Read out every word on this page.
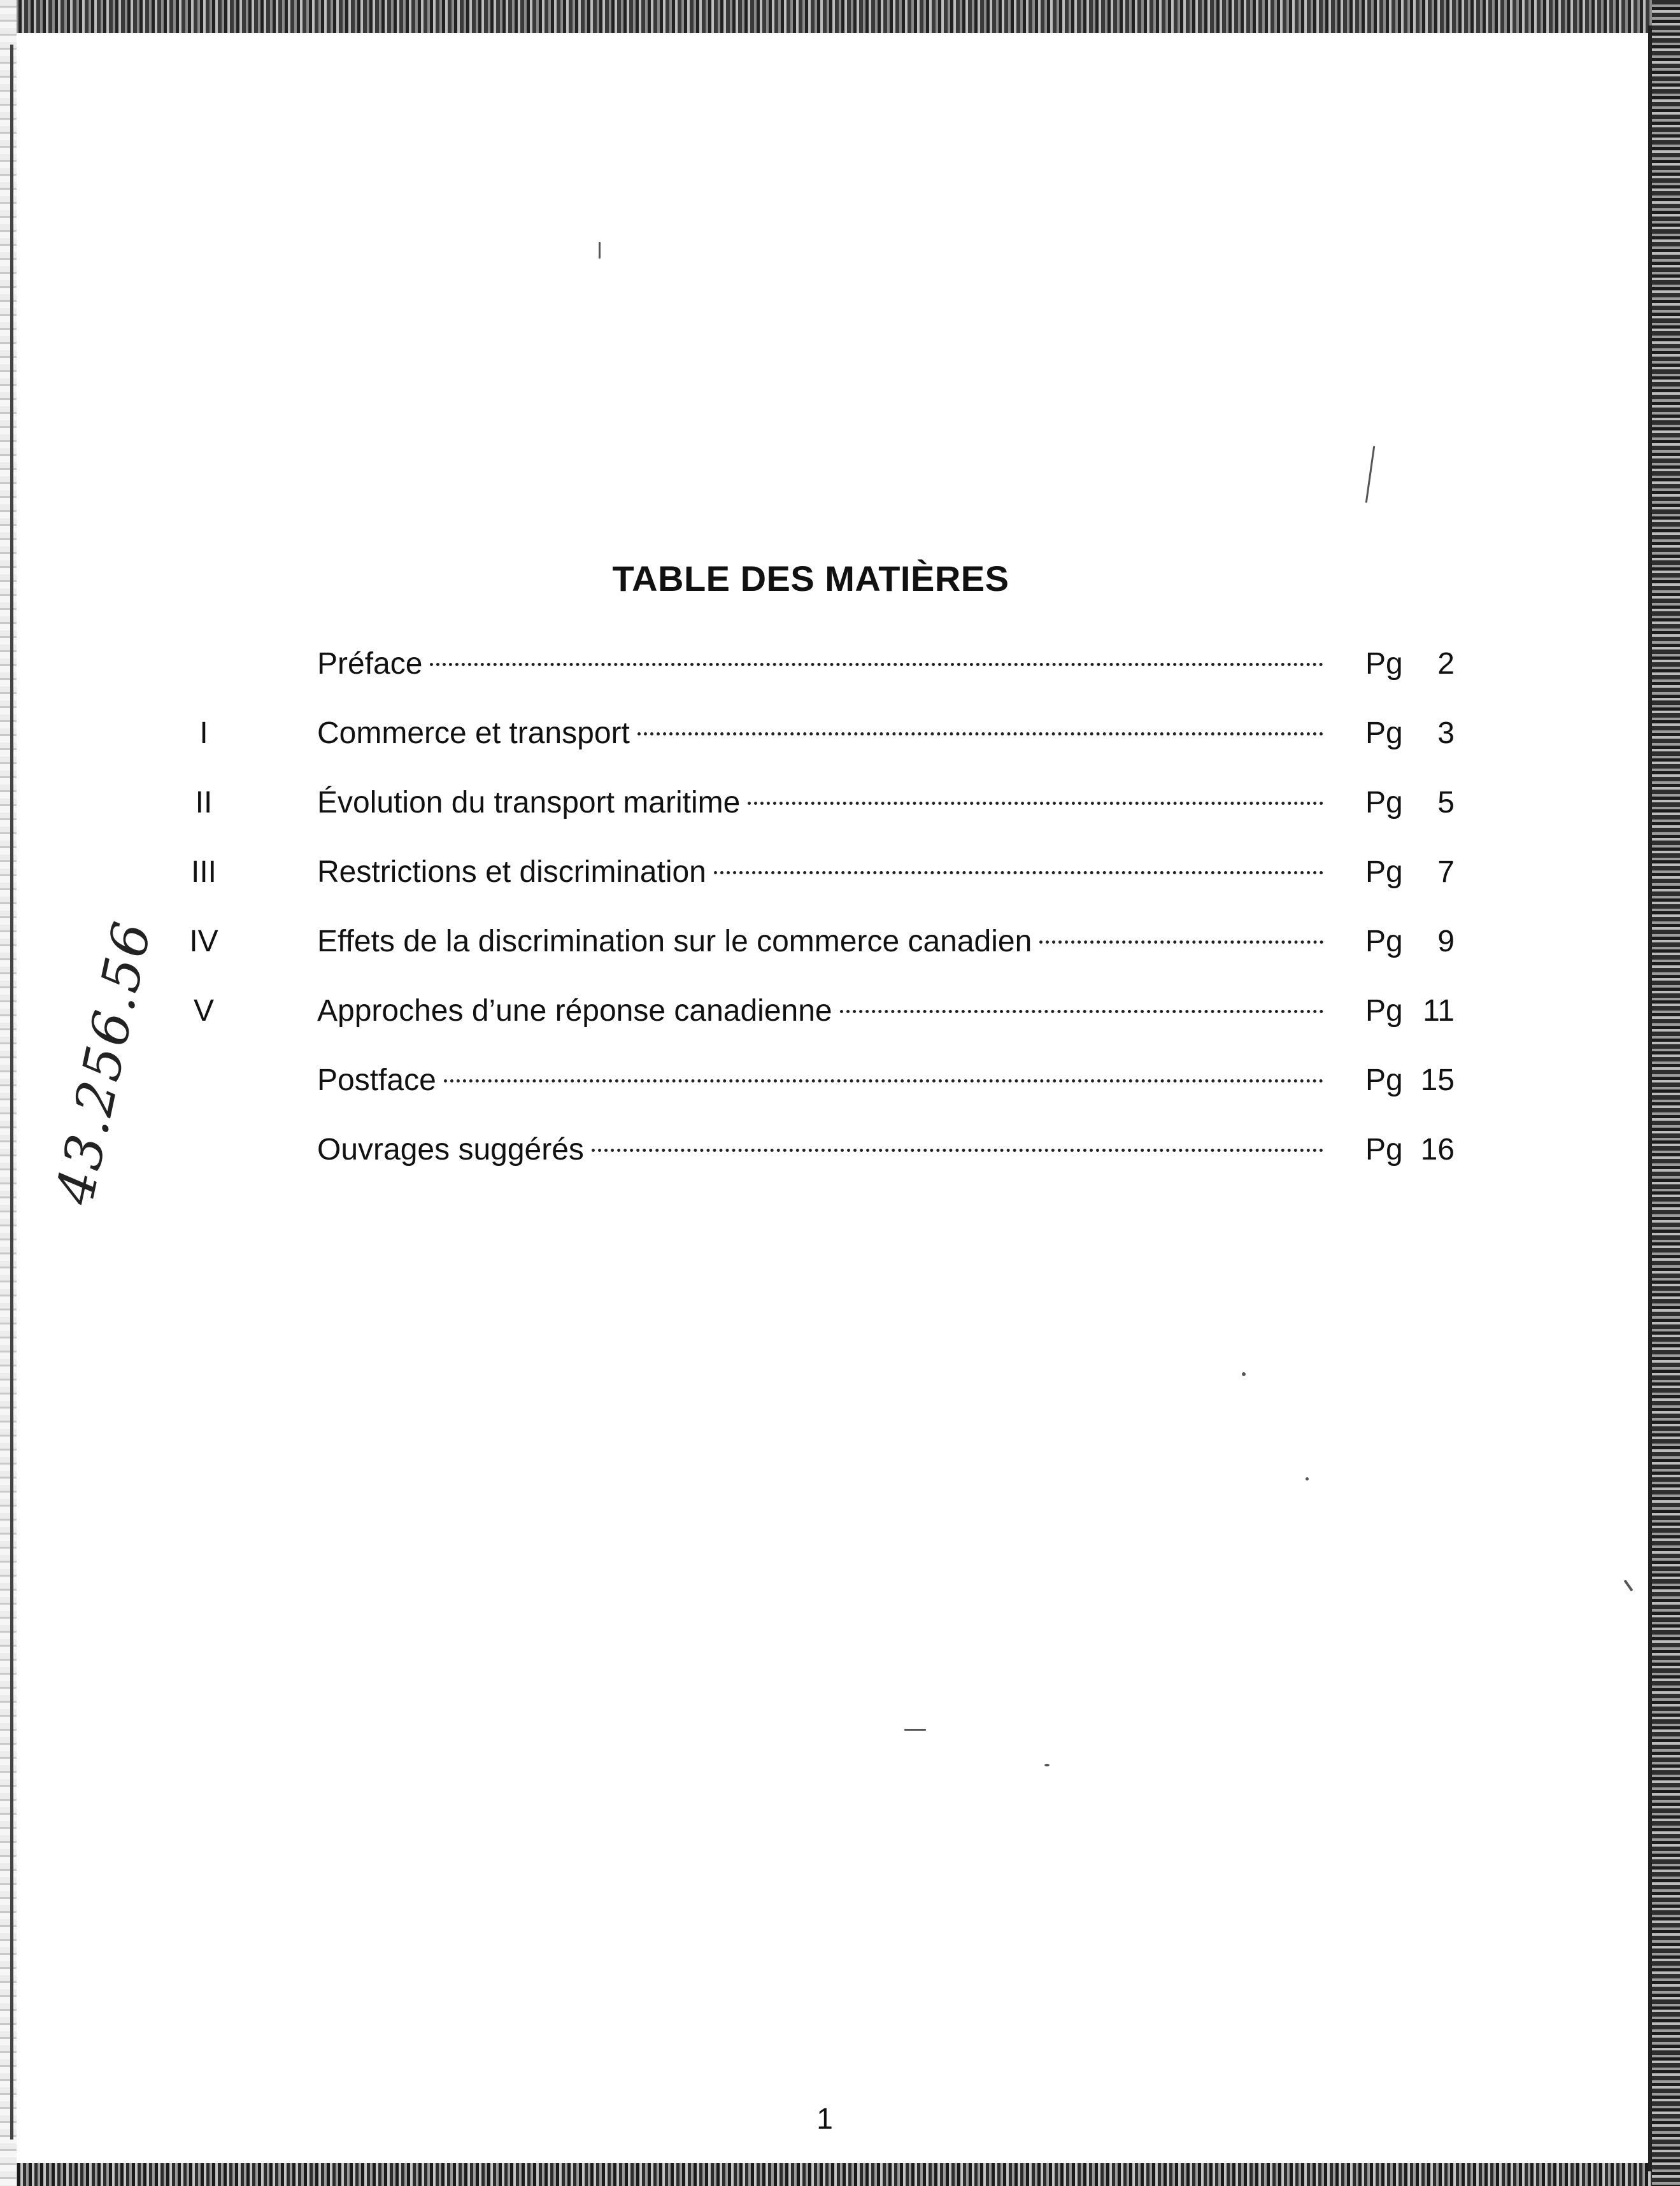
TABLE DES MATIÈRES
Préface	Pg 2
I	Commerce et transport	Pg 3
II	Évolution du transport maritime	Pg 5
III	Restrictions et discrimination	Pg 7
IV	Effets de la discrimination sur le commerce canadien	Pg 9
V	Approches d’une réponse canadienne	Pg 11
Postface	Pg 15
Ouvrages suggérés	Pg 16
43.256.56
1
